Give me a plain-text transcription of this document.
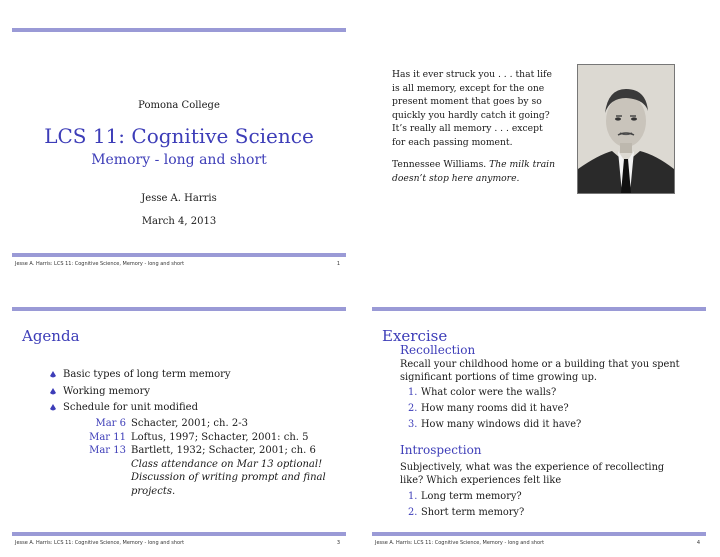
Pomona College
LCS 11: Cognitive Science
Memory - long and short
Jesse A. Harris
March 4, 2013
Jesse A. Harris: LCS 11: Cognitive Science, Memory - long and short	1
Has it ever struck you . . . that life is all memory, except for the one present moment that goes by so quickly you hardly catch it going? It’s really all memory . . . except for each passing moment.
Tennessee Williams. The milk train doesn’t stop here anymore.
Agenda
Basic types of long term memory
Working memory
Schedule for unit modified
Mar 6 Schacter, 2001; ch. 2-3
Mar 11 Loftus, 1997; Schacter, 2001: ch. 5
Mar 13 Bartlett, 1932; Schacter, 2001; ch. 6
Class attendance on Mar 13 optional!
Discussion of writing prompt and final projects.
Jesse A. Harris: LCS 11: Cognitive Science, Memory - long and short	3
Exercise
Recollection
Recall your childhood home or a building that you spent significant portions of time growing up.
1. What color were the walls?
2. How many rooms did it have?
3. How many windows did it have?
Introspection
Subjectively, what was the experience of recollecting like? Which experiences felt like
1. Long term memory?
2. Short term memory?
Jesse A. Harris: LCS 11: Cognitive Science, Memory - long and short	4
